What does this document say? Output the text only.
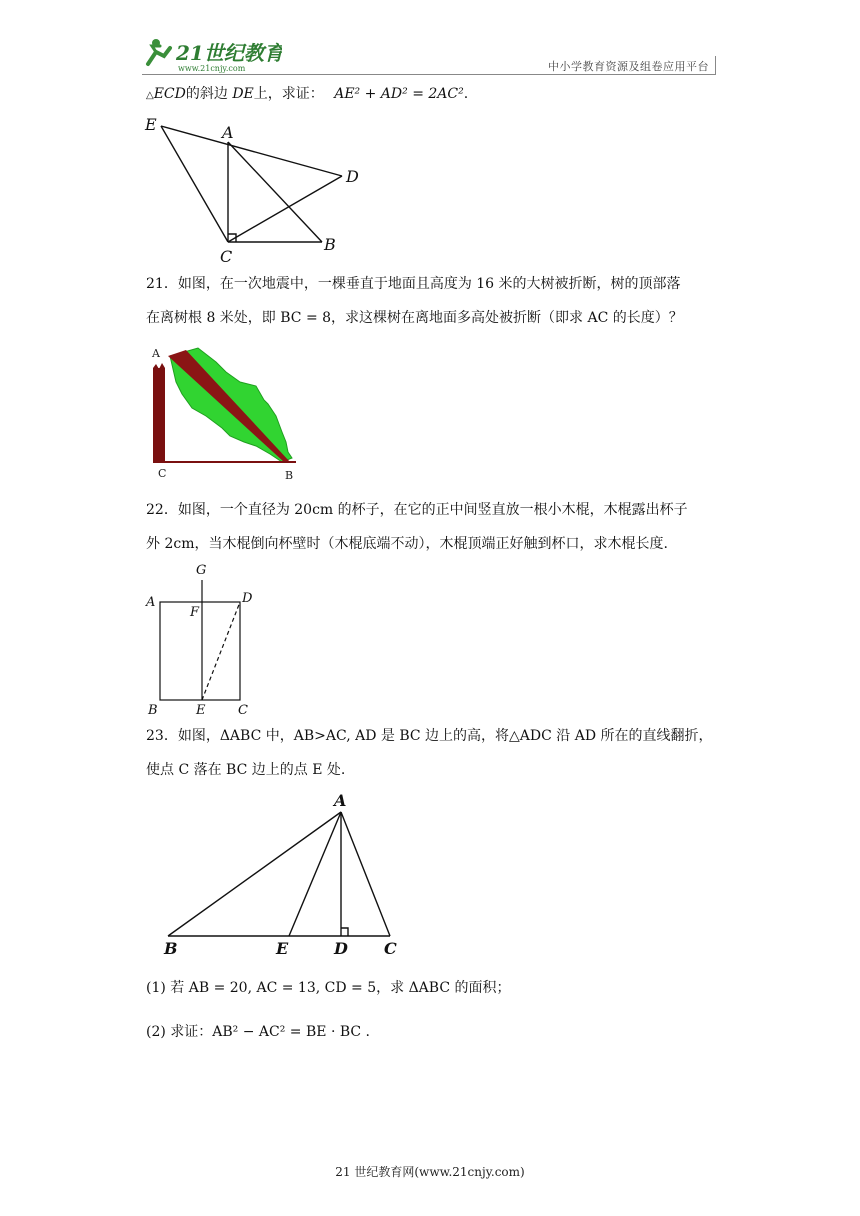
21世纪教育
www.21cnjy.com	中小学教育资源及组卷应用平台
△ECD的斜边 DE上，求证： AE² + AD² = 2AC².
E	A
D
C
B
21．如图，在一次地震中，一棵垂直于地面且高度为 16 米的大树被折断，树的顶部落
在离树根 8 米处，即 BC = 8，求这棵树在离地面多高处被折断（即求 AC 的长度）？
A
C	B
22．如图，一个直径为 20cm 的杯子，在它的正中间竖直放一根小木棍，木棍露出杯子
外 2cm，当木棍倒向杯壁时（木棍底端不动），木棍顶端正好触到杯口，求木棍长度.
G
A
F
D
B	E	C
23．如图，ΔABC 中，AB>AC, AD 是 BC 边上的高，将△ADC 沿 AD 所在的直线翻折，
使点 C 落在 BC 边上的点 E 处.
A
B	E	D C
(1) 若 AB = 20, AC = 13, CD = 5，求 ΔABC 的面积；
(2) 求证：AB² − AC² = BE · BC .
21 世纪教育网(www.21cnjy.com)
